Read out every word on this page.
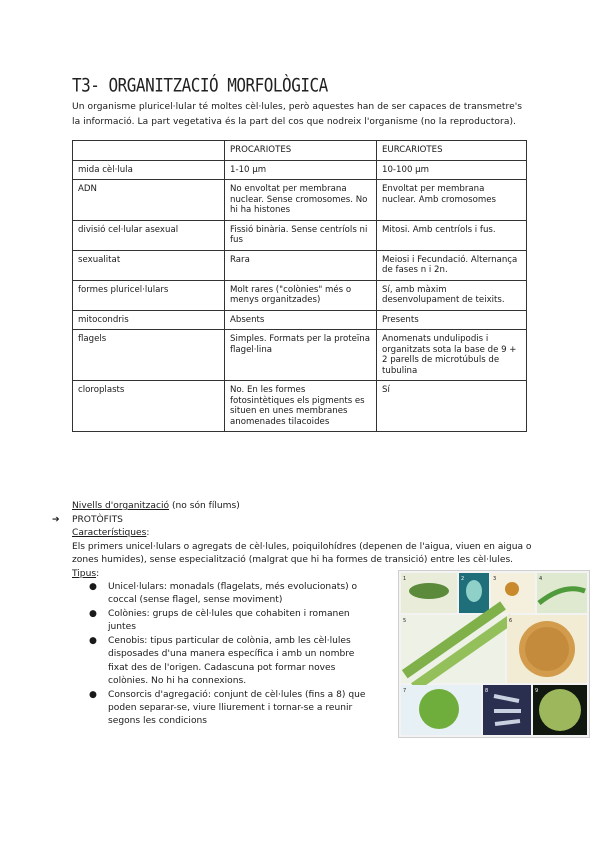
T3- ORGANITZACIÓ MORFOLÒGICA
Un organisme pluricel·lular té moltes cèl·lules, però aquestes han de ser capaces de transmetre's la informació. La part vegetativa és la part del cos que nodreix l'organisme (no la reproductora).
	PROCARIOTES	EURCARIOTES
mida cèl·lula	1-10 µm	10-100 µm
ADN	No envoltat per membrana nuclear. Sense cromosomes. No hi ha histones	Envoltat per membrana nuclear. Amb cromosomes
divisió cel·lular asexual	Fissió binària. Sense centríols ni fus	Mitosi. Amb centríols i fus.
sexualitat	Rara	Meiosi i Fecundació. Alternança de fases n i 2n.
formes pluricel·lulars	Molt rares ("colònies" més o menys organitzades)	Sí, amb màxim desenvolupament de teixits.
mitocondris	Absents	Presents
flagels	Simples. Formats per la proteïna flagel·lina	Anomenats undulipodis i organitzats sota la base de 9 + 2 parells de microtúbuls de tubulina
cloroplasts	No. En les formes fotosintètiques els pigments es situen en unes membranes anomenades tilacoides	Sí
Nivells d'organització (no són fílums)
➔ PROTÒFITS
Característiques:
Els primers unicel·lulars o agregats de cèl·lules, poiquilohídres (depenen de l'aigua, viuen en aigua o zones humides), sense especialització (malgrat que hi ha formes de transició) entre les cèl·lules.
Tipus:
● Unicel·lulars: monadals (flagelats, més evolucionats) o coccal (sense flagel, sense moviment)
● Colònies: grups de cèl·lules que cohabiten i romanen juntes
● Cenobis: tipus particular de colònia, amb les cèl·lules disposades d'una manera específica i amb un nombre fixat des de l'origen. Cadascuna pot formar noves colònies. No hi ha connexions.
● Consorcis d'agregació: conjunt de cèl·lules (fins a 8) que poden separar-se, viure lliurement i tornar-se a reunir segons les condicions
1	2	3	4
5	6
7	8	9
